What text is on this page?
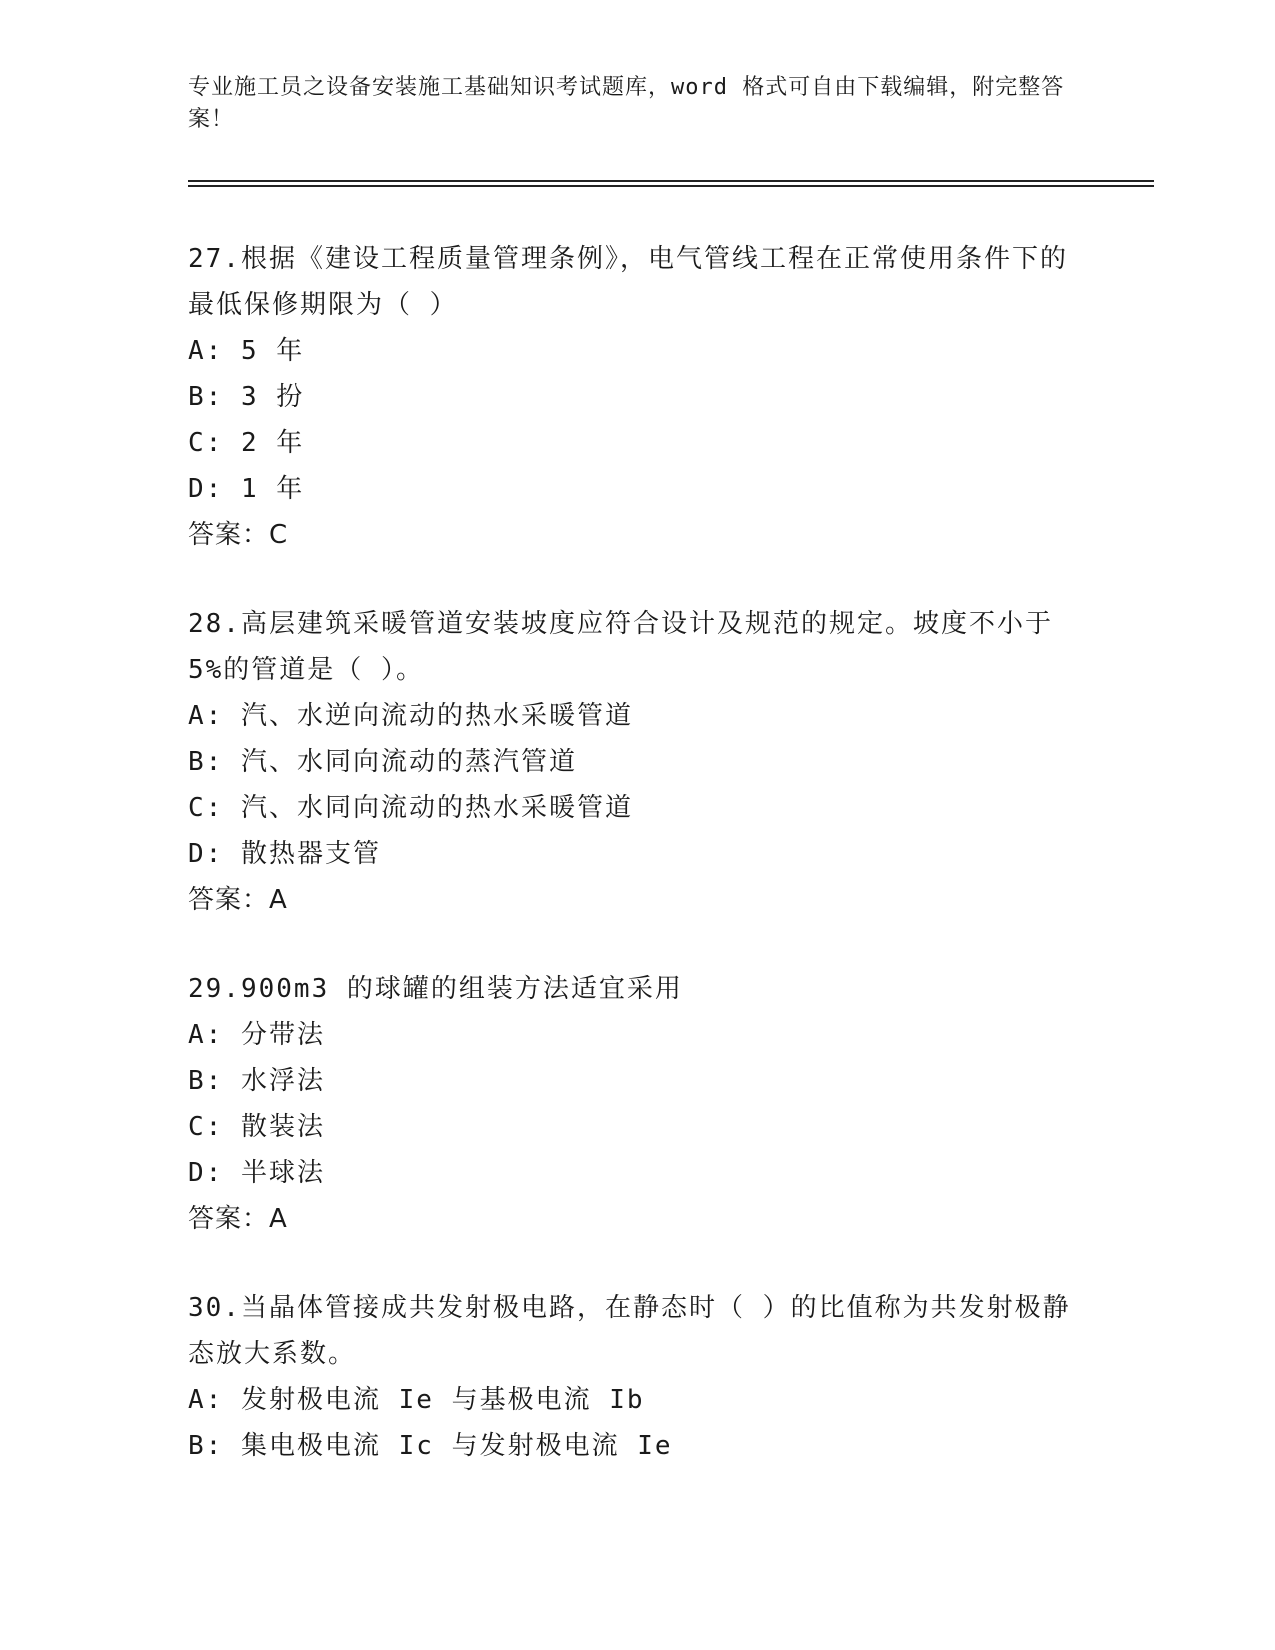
专业施工员之设备安装施工基础知识考试题库，word 格式可自由下载编辑，附完整答案！

27.根据《建设工程质量管理条例》，电气管线工程在正常使用条件下的最低保修期限为（ ）

A: 5 年

B: 3 扮

C: 2 年

D: 1 年

答案：C

28.高层建筑采暖管道安装坡度应符合设计及规范的规定。坡度不小于5%的管道是（ ）。

A: 汽、水逆向流动的热水采暖管道

B: 汽、水同向流动的蒸汽管道

C: 汽、水同向流动的热水采暖管道

D: 散热器支管

答案：A

29.900m3 的球罐的组装方法适宜采用

A: 分带法

B: 水浮法

C: 散装法

D: 半球法

答案：A

30.当晶体管接成共发射极电路，在静态时（ ）的比值称为共发射极静态放大系数。

A: 发射极电流 Ie 与基极电流 Ib

B: 集电极电流 Ic 与发射极电流 Ie
